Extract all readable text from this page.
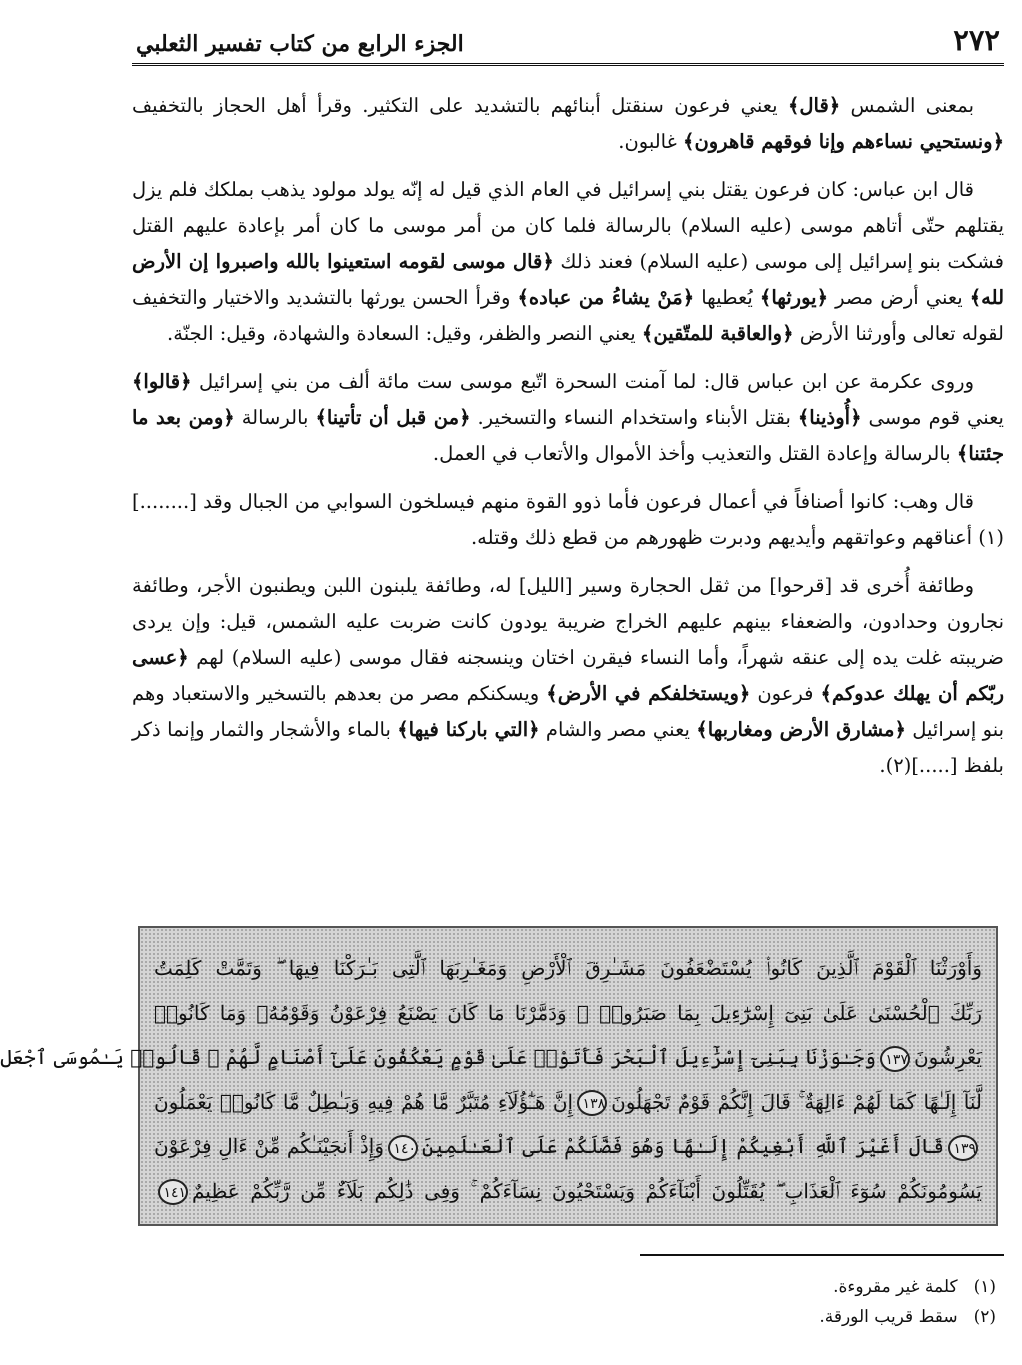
٢٧٢
الجزء الرابع من كتاب تفسير الثعلبي

بمعنى الشمس ﴿قال﴾ يعني فرعون سنقتل أبنائهم بالتشديد على التكثير. وقرأ أهل الحجاز بالتخفيف ﴿ونستحيي نساءهم وإنا فوقهم قاهرون﴾ غالبون.

قال ابن عباس: كان فرعون يقتل بني إسرائيل في العام الذي قيل له إنّه يولد مولود يذهب بملكك فلم يزل يقتلهم حتّى أتاهم موسى (عليه السلام) بالرسالة فلما كان من أمر موسى ما كان أمر بإعادة عليهم القتل فشكت بنو إسرائيل إلى موسى (عليه السلام) فعند ذلك ﴿قال موسى لقومه استعينوا بالله واصبروا إن الأرض لله﴾ يعني أرض مصر ﴿يورثها﴾ يُعطيها ﴿مَنْ يشاءُ من عباده﴾ وقرأ الحسن يورثها بالتشديد والاختيار والتخفيف لقوله تعالى وأورثنا الأرض ﴿والعاقبة للمتّقين﴾ يعني النصر والظفر، وقيل: السعادة والشهادة، وقيل: الجنّة.

وروى عكرمة عن ابن عباس قال: لما آمنت السحرة اتّبع موسى ست مائة ألف من بني إسرائيل ﴿قالوا﴾ يعني قوم موسى ﴿أُوذينا﴾ بقتل الأبناء واستخدام النساء والتسخير. ﴿من قبل أن تأتينا﴾ بالرسالة ﴿ومن بعد ما جئتنا﴾ بالرسالة وإعادة القتل والتعذيب وأخذ الأموال والأتعاب في العمل.

قال وهب: كانوا أصنافاً في أعمال فرعون فأما ذوو القوة منهم فيسلخون السوابي من الجبال وقد [........](١) أعناقهم وعواتقهم وأيديهم ودبرت ظهورهم من قطع ذلك وقتله.

وطائفة أُخرى قد [قرحوا] من ثقل الحجارة وسير [الليل] له، وطائفة يلبنون اللبن ويطنبون الأجر، وطائفة نجارون وحدادون، والضعفاء بينهم عليهم الخراج ضريبة يودون كانت ضربت عليه الشمس، قيل: وإن يردى ضريبته غلت يده إلى عنقه شهراً، وأما النساء فيقرن اختان وينسجنه فقال موسى (عليه السلام) لهم ﴿عسى ربّكم أن يهلك عدوكم﴾ فرعون ﴿ويستخلفكم في الأرض﴾ ويسكنكم مصر من بعدهم بالتسخير والاستعباد وهم بنو إسرائيل ﴿مشارق الأرض ومغاربها﴾ يعني مصر والشام ﴿التي باركنا فيها﴾ بالماء والأشجار والثمار وإنما ذكر بلفظ [.....](٢).

وَأَوْرَثْنَا ٱلْقَوْمَ ٱلَّذِينَ كَانُوا۟ يُسْتَضْعَفُونَ مَشَـٰرِقَ ٱلْأَرْضِ وَمَغَـٰرِبَهَا ٱلَّتِى بَـٰرَكْنَا فِيهَا ۖ وَتَمَّتْ كَلِمَتُ
رَبِّكَ ٱلْحُسْنَىٰ عَلَىٰ بَنِىٓ إِسْرَٰٓءِيلَ بِمَا صَبَرُوا۟ ۖ وَدَمَّرْنَا مَا كَانَ يَصْنَعُ فِرْعَوْنُ وَقَوْمُهُۥ وَمَا كَانُوا۟
يَعْرِشُونَ١٣٧وَجَـٰوَزْنَا بِبَنِىٓ إِسْرَٰٓءِيلَ ٱلْبَحْرَ فَأَتَوْا۟ عَلَىٰ قَوْمٍ يَعْكُفُونَ عَلَىٰٓ أَصْنَامٍ لَّهُمْ ۚ قَالُوا۟ يَـٰمُوسَى ٱجْعَل
لَّنَآ إِلَـٰهًا كَمَا لَهُمْ ءَالِهَةٌ ۚ قَالَ إِنَّكُمْ قَوْمٌ تَجْهَلُونَ١٣٨إِنَّ هَـٰٓؤُلَآءِ مُتَبَّرٌ مَّا هُمْ فِيهِ وَبَـٰطِلٌ مَّا كَانُوا۟ يَعْمَلُونَ
١٣٩قَالَ أَغَيْرَ ٱللَّهِ أَبْغِيكُمْ إِلَـٰهًا وَهُوَ فَضَّلَكُمْ عَلَى ٱلْعَـٰلَمِينَ١٤٠وَإِذْ أَنجَيْنَـٰكُم مِّنْ ءَالِ فِرْعَوْنَ
يَسُومُونَكُمْ سُوٓءَ ٱلْعَذَابِ ۖ يُقَتِّلُونَ أَبْنَآءَكُمْ وَيَسْتَحْيُونَ نِسَآءَكُمْ ۚ وَفِى ذَٰلِكُم بَلَآءٌ مِّن رَّبِّكُمْ عَظِيمٌ١٤١
(١)
كلمة غير مقروءة.
(٢)
سقط قريب الورقة.
